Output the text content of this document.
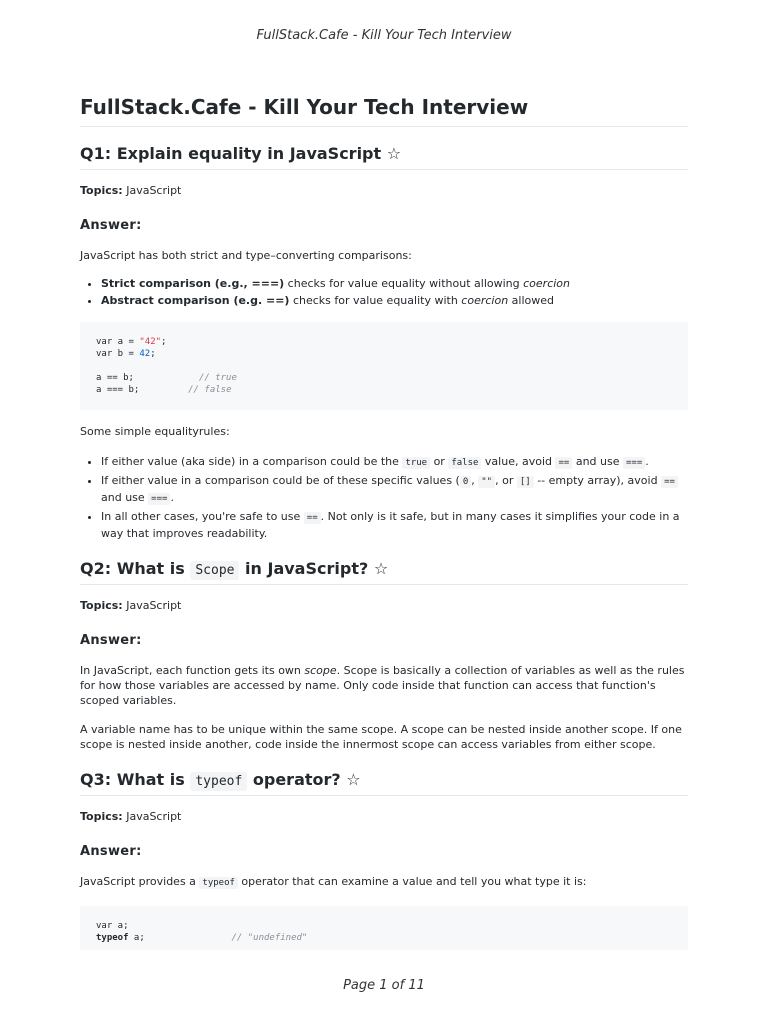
FullStack.Cafe - Kill Your Tech Interview
FullStack.Cafe - Kill Your Tech Interview
Q1: Explain equality in JavaScript ☆

Topics: JavaScript

Answer:

JavaScript has both strict and type–converting comparisons:

• Strict comparison (e.g., ===) checks for value equality without allowing coercion
• Abstract comparison (e.g. ==) checks for value equality with coercion allowed
var a = "42";
var b = 42;

a == b;	// true
a === b;	// false

Some simple equalityrules:

• If either value (aka side) in a comparison could be the true or false value, avoid == and use === .
• If either value in a comparison could be of these specific values ( 0 , "" , or [] -- empty array), avoid == and use === .
• In all other cases, you're safe to use == . Not only is it safe, but in many cases it simplifies your code in a way that improves readability.
Q2: What is Scope in JavaScript? ☆

Topics: JavaScript

Answer:

In JavaScript, each function gets its own scope. Scope is basically a collection of variables as well as the rules for how those variables are accessed by name. Only code inside that function can access that function's scoped variables.

A variable name has to be unique within the same scope. A scope can be nested inside another scope. If one scope is nested inside another, code inside the innermost scope can access variables from either scope.

Q3: What is typeof operator? ☆

Topics: JavaScript

Answer:

JavaScript provides a typeof operator that can examine a value and tell you what type it is:

var a;
typeof a;	// "undefined"
Page 1 of 11
